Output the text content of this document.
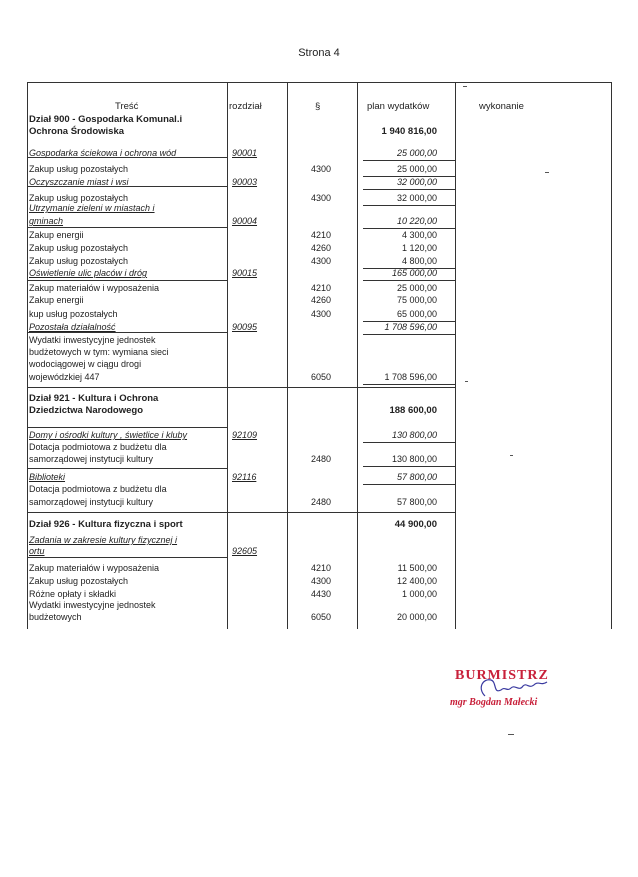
Strona 4
Treść	rozdział	§	plan wydatków	wykonanie
Dział 900 - Gospodarka Komunal.i
Ochrona Środowiska	1 940 816,00
Gospodarka ściekowa i ochrona wód	90001	25 000,00
Zakup usług pozostałych	4300	25 000,00
Oczyszczanie miast i wsi	90003	32 000,00
Zakup usług pozostałych	4300	32 000,00
Utrzymanie zieleni w miastach i
gminach	90004	10 220,00
Zakup energii	4210	4 300,00
Zakup usług pozostałych	4260	1 120,00
Zakup usług pozostałych	4300	4 800,00
Oświetlenie ulic placów i dróg	90015	165 000,00
Zakup materiałów i wyposażenia	4210	25 000,00
Zakup energii	4260	75 000,00
kup usług pozostałych	4300	65 000,00
Pozostała działalność	90095	1 708 596,00
Wydatki inwestycyjne jednostek
budżetowych w tym: wymiana sieci
wodociągowej w ciągu drogi
wojewódzkiej 447	6050	1 708 596,00
Dział 921 - Kultura i Ochrona
Dziedzictwa Narodowego	188 600,00
Domy i ośrodki kultury , świetlice i kluby	92109	130 800,00
Dotacja podmiotowa z budżetu dla
samorządowej instytucji kultury	2480	130 800,00
Biblioteki	92116	57 800,00
Dotacja podmiotowa z budżetu dla
samorządowej instytucji kultury	2480	57 800,00
Dział 926 - Kultura fizyczna i sport	44 900,00
Zadania w zakresie kultury fizycznej i
ortu	92605
Zakup materiałów i wyposażenia	4210	11 500,00
Zakup usług pozostałych	4300	12 400,00
Różne opłaty i składki	4430	1 000,00
Wydatki inwestycyjne jednostek
budżetowych	6050	20 000,00
BURMISTRZ
mgr Bogdan Małecki
